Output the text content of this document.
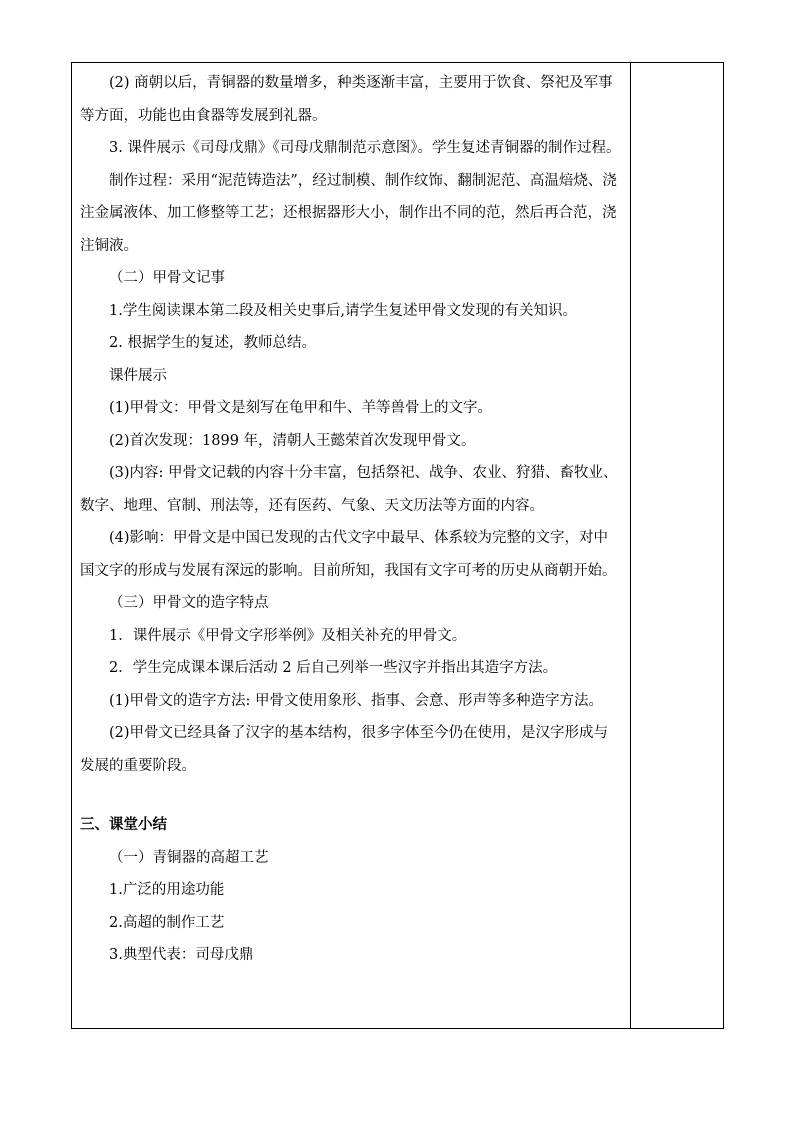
(2) 商朝以后，青铜器的数量增多，种类逐渐丰富，主要用于饮食、祭祀及军事等方面，功能也由食器等发展到礼器。

3. 课件展示《司母戊鼎》《司母戊鼎制范示意图》。学生复述青铜器的制作过程。

制作过程：采用“泥范铸造法”，经过制模、制作纹饰、翻制泥范、高温焙烧、浇注金属液体、加工修整等工艺；还根据器形大小，制作出不同的范，然后再合范，浇注铜液。

（二）甲骨文记事

1.学生阅读课本第二段及相关史事后,请学生复述甲骨文发现的有关知识。

2. 根据学生的复述，教师总结。

课件展示

(1)甲骨文：甲骨文是刻写在龟甲和牛、羊等兽骨上的文字。

(2)首次发现：1899 年，清朝人王懿荣首次发现甲骨文。

(3)内容: 甲骨文记载的内容十分丰富，包括祭祀、战争、农业、狩猎、畜牧业、数字、地理、官制、刑法等，还有医药、气象、天文历法等方面的内容。

(4)影响：甲骨文是中国已发现的古代文字中最早、体系较为完整的文字，对中国文字的形成与发展有深远的影响。目前所知，我国有文字可考的历史从商朝开始。

（三）甲骨文的造字特点

1．课件展示《甲骨文字形举例》及相关补充的甲骨文。

2．学生完成课本课后活动 2 后自己列举一些汉字并指出其造字方法。

(1)甲骨文的造字方法: 甲骨文使用象形、指事、会意、形声等多种造字方法。

(2)甲骨文已经具备了汉字的基本结构，很多字体至今仍在使用，是汉字形成与发展的重要阶段。

三、课堂小结

（一）青铜器的高超工艺

1.广泛的用途功能

2.高超的制作工艺

3.典型代表：司母戊鼎
